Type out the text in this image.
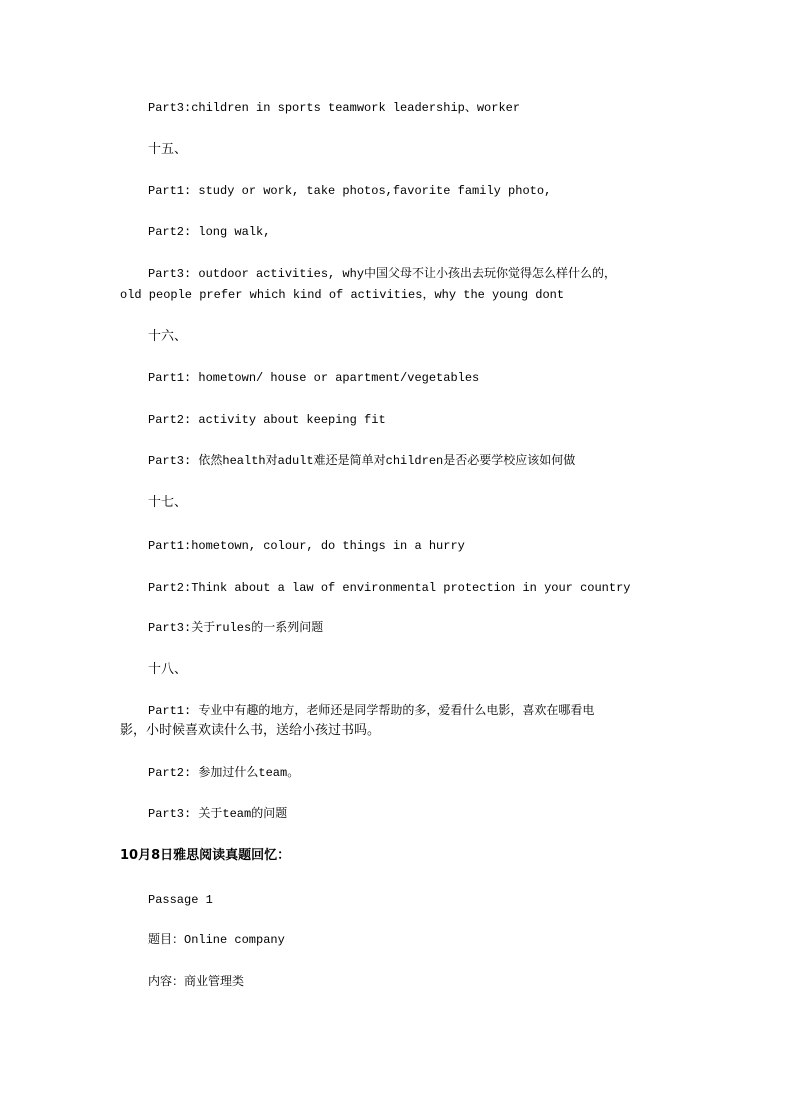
Part3:children in sports teamwork leadership、worker
十五、
Part1: study or work, take photos,favorite family photo,
Part2: long walk,
Part3: outdoor activities, why中国父母不让小孩出去玩你觉得怎么样什么的，
old people prefer which kind of activities，why the young dont
十六、
Part1: hometown/ house or apartment/vegetables
Part2: activity about keeping fit
Part3: 依然health对adult难还是简单对children是否必要学校应该如何做
十七、
Part1:hometown, colour, do things in a hurry
Part2:Think about a law of environmental protection in your country
Part3:关于rules的一系列问题
十八、
Part1: 专业中有趣的地方，老师还是同学帮助的多，爱看什么电影，喜欢在哪看电
影，小时候喜欢读什么书，送给小孩过书吗。
Part2: 参加过什么team。
Part3: 关于team的问题
10月8日雅思阅读真题回忆：
Passage 1
题目：Online company
内容：商业管理类
